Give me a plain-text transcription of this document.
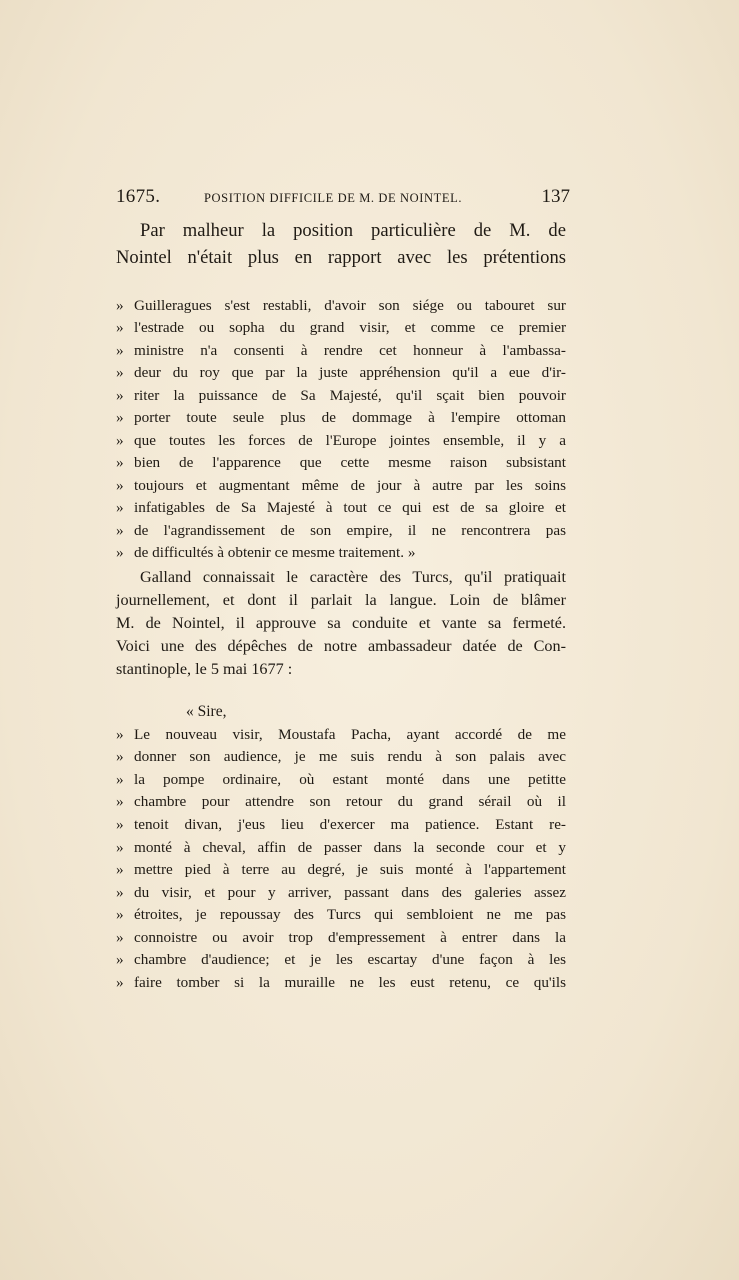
1675.	POSITION DIFFICILE DE M. DE NOINTEL.	137
Par malheur la position particulière de M. de
Nointel n'était plus en rapport avec les prétentions
» Guilleragues s'est restabli, d'avoir son siége ou tabouret sur
» l'estrade ou sopha du grand visir, et comme ce premier
» ministre n'a consenti à rendre cet honneur à l'ambassa-
» deur du roy que par la juste appréhension qu'il a eue d'ir-
» riter la puissance de Sa Majesté, qu'il sçait bien pouvoir
» porter toute seule plus de dommage à l'empire ottoman
» que toutes les forces de l'Europe jointes ensemble, il y a
» bien de l'apparence que cette mesme raison subsistant
» toujours et augmentant même de jour à autre par les soins
» infatigables de Sa Majesté à tout ce qui est de sa gloire et
» de l'agrandissement de son empire, il ne rencontrera pas
» de difficultés à obtenir ce mesme traitement. »
Galland connaissait le caractère des Turcs, qu'il pratiquait
journellement, et dont il parlait la langue. Loin de blâmer
M. de Nointel, il approuve sa conduite et vante sa fermeté.
Voici une des dépêches de notre ambassadeur datée de Con-
stantinople, le 5 mai 1677 :
« Sire,
» Le nouveau visir, Moustafa Pacha, ayant accordé de me
» donner son audience, je me suis rendu à son palais avec
» la pompe ordinaire, où estant monté dans une petitte
» chambre pour attendre son retour du grand sérail où il
» tenoit divan, j'eus lieu d'exercer ma patience. Estant re-
» monté à cheval, affin de passer dans la seconde cour et y
» mettre pied à terre au degré, je suis monté à l'appartement
» du visir, et pour y arriver, passant dans des galeries assez
» étroites, je repoussay des Turcs qui sembloient ne me pas
» connoistre ou avoir trop d'empressement à entrer dans la
» chambre d'audience; et je les escartay d'une façon à les
» faire tomber si la muraille ne les eust retenu, ce qu'ils
